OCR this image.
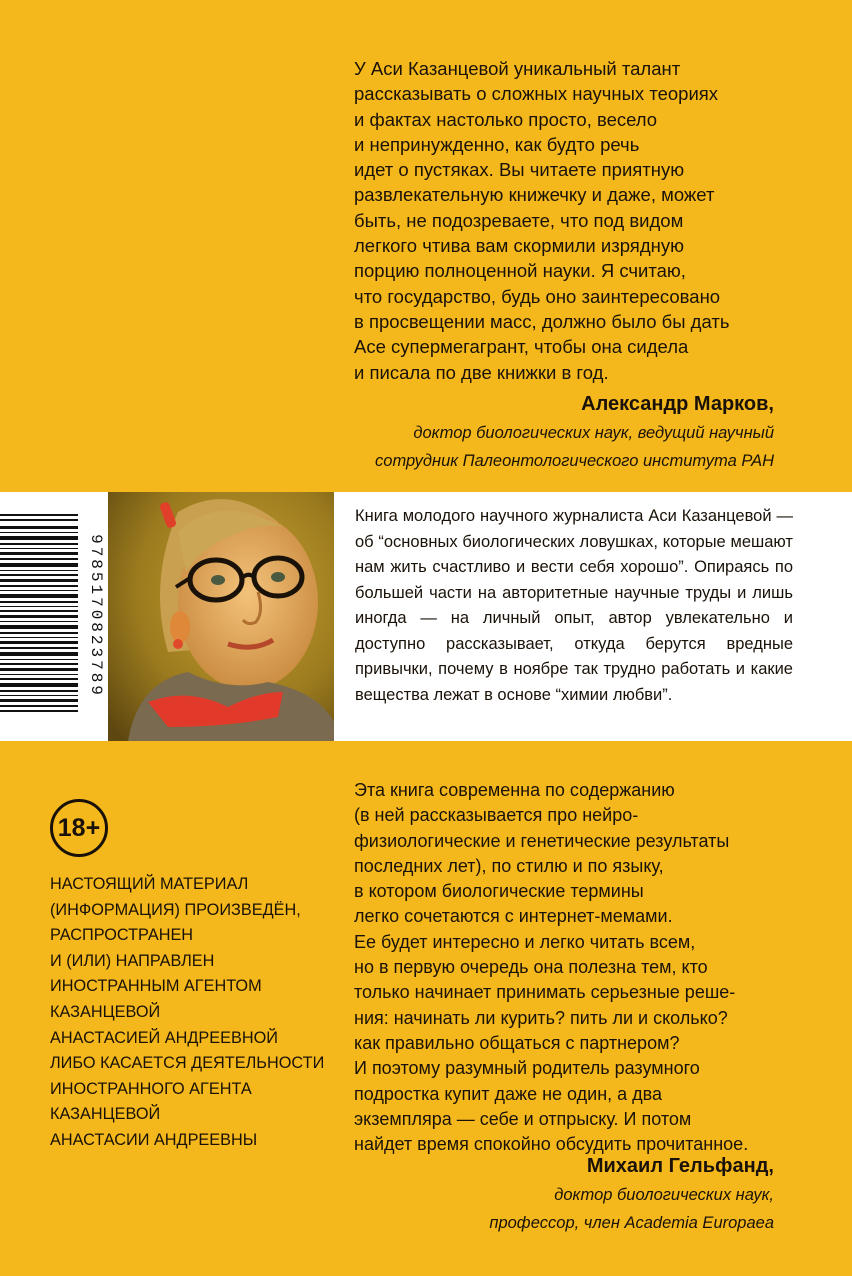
У Аси Казанцевой уникальный талант

рассказывать о сложных научных теориях

и фактах настолько просто, весело

и непринужденно, как будто речь

идет о пустяках. Вы читаете приятную

развлекательную книжечку и даже, может

быть, не подозреваете, что под видом

легкого чтива вам скормили изрядную

порцию полноценной науки. Я считаю,

что государство, будь оно заинтересовано

в просвещении масс, должно было бы дать

Асе супермегагрант, чтобы она сидела

и писала по две книжки в год.

Александр Марков,
доктор биологических наук, ведущий научный
сотрудник Палеонтологического института РАН
9785170823789

Книга молодого научного журналиста Аси Казанцевой — об “основных биологических ловушках, которые мешают нам жить счастливо и вести себя хорошо”. Опираясь по большей части на авторитетные научные труды и лишь иногда — на личный опыт, автор увлекательно и доступно рассказывает, откуда берутся вредные привычки, почему в ноябре так трудно работать и какие вещества лежат в основе “химии любви”.

18+

НАСТОЯЩИЙ МАТЕРИАЛ
(ИНФОРМАЦИЯ) ПРОИЗВЕДЁН,
РАСПРОСТРАНЕН
И (ИЛИ) НАПРАВЛЕН
ИНОСТРАННЫМ АГЕНТОМ
КАЗАНЦЕВОЙ
АНАСТАСИЕЙ АНДРЕЕВНОЙ
ЛИБО КАСАЕТСЯ ДЕЯТЕЛЬНОСТИ
ИНОСТРАННОГО АГЕНТА
КАЗАНЦЕВОЙ
АНАСТАСИИ АНДРЕЕВНЫ

Эта книга современна по содержанию

(в ней рассказывается про нейро-

физиологические и генетические результаты

последних лет), по стилю и по языку,

в котором биологические термины

легко сочетаются с интернет-мемами.

Ее будет интересно и легко читать всем,

но в первую очередь она полезна тем, кто

только начинает принимать серьезные реше-

ния: начинать ли курить? пить ли и сколько?

как правильно общаться с партнером?

И поэтому разумный родитель разумного

подростка купит даже не один, а два

экземпляра — себе и отпрыску. И потом

найдет время спокойно обсудить прочитанное.

Михаил Гельфанд,
доктор биологических наук,
профессор, член Academia Europaea
